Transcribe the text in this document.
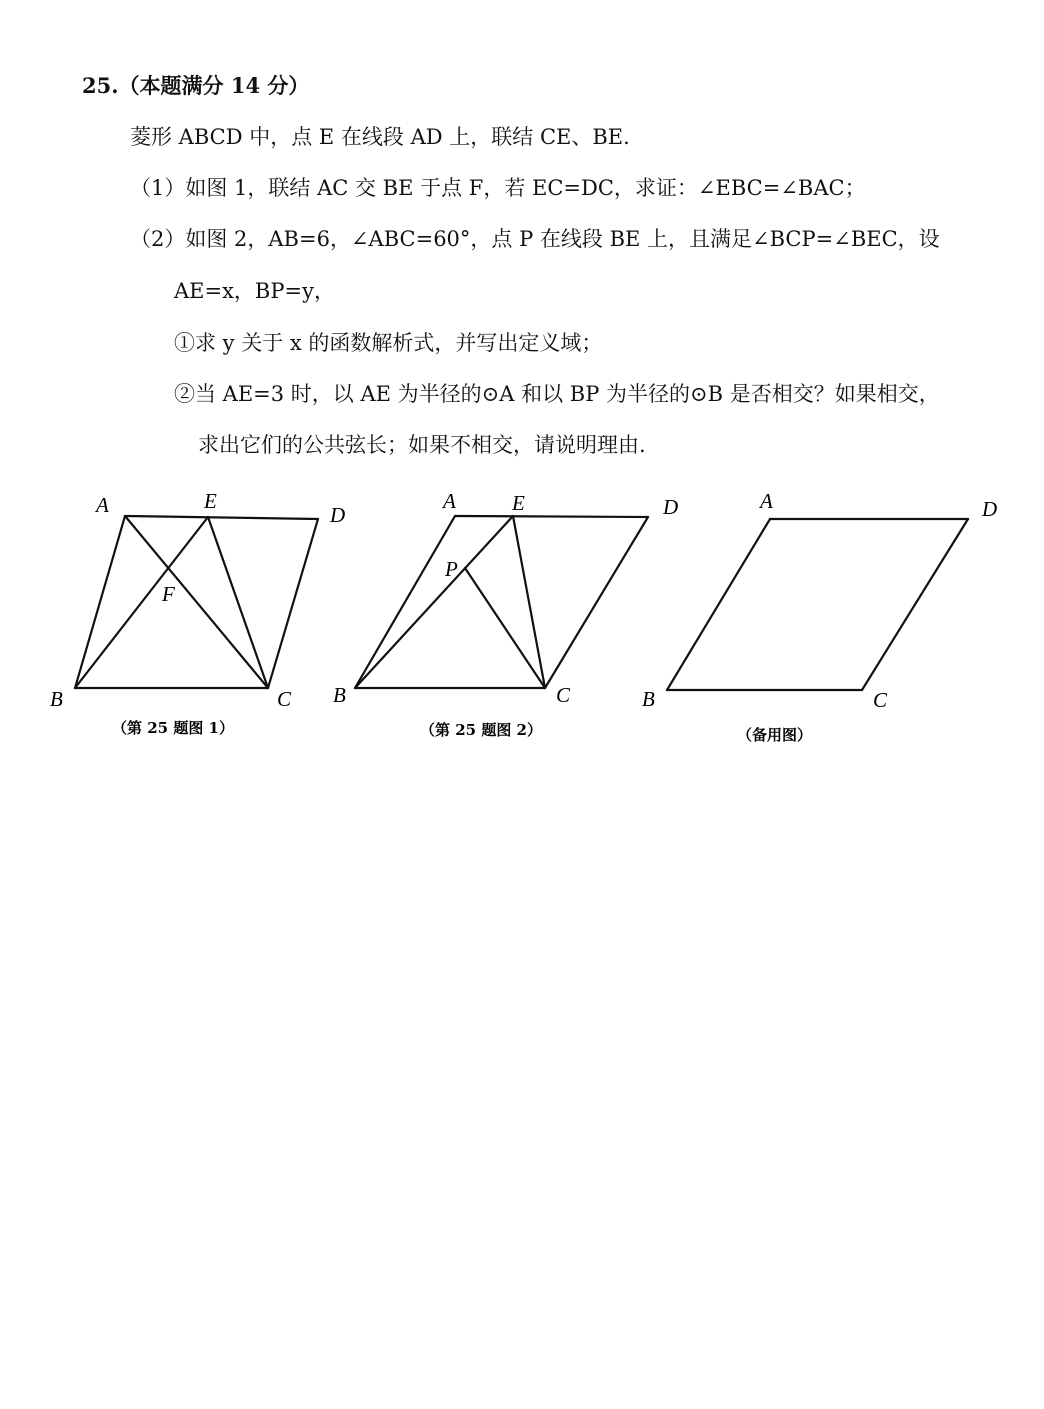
25.（本题满分 14 分）
菱形 ABCD 中，点 E 在线段 AD 上，联结 CE、BE.
（1）如图 1，联结 AC 交 BE 于点 F，若 EC=DC，求证：∠EBC=∠BAC；
（2）如图 2，AB=6，∠ABC=60°，点 P 在线段 BE 上，且满足∠BCP=∠BEC，设
AE=x，BP=y，
①求 y 关于 x 的函数解析式，并写出定义域；
②当 AE=3 时，以 AE 为半径的⊙A 和以 BP 为半径的⊙B 是否相交？如果相交，
求出它们的公共弦长；如果不相交，请说明理由.
A	E
D
F
B	C
（第 25 题图 1）
A	E	D
P
B	C
（第 25 题图 2）
A	D
B	C
（备用图）
